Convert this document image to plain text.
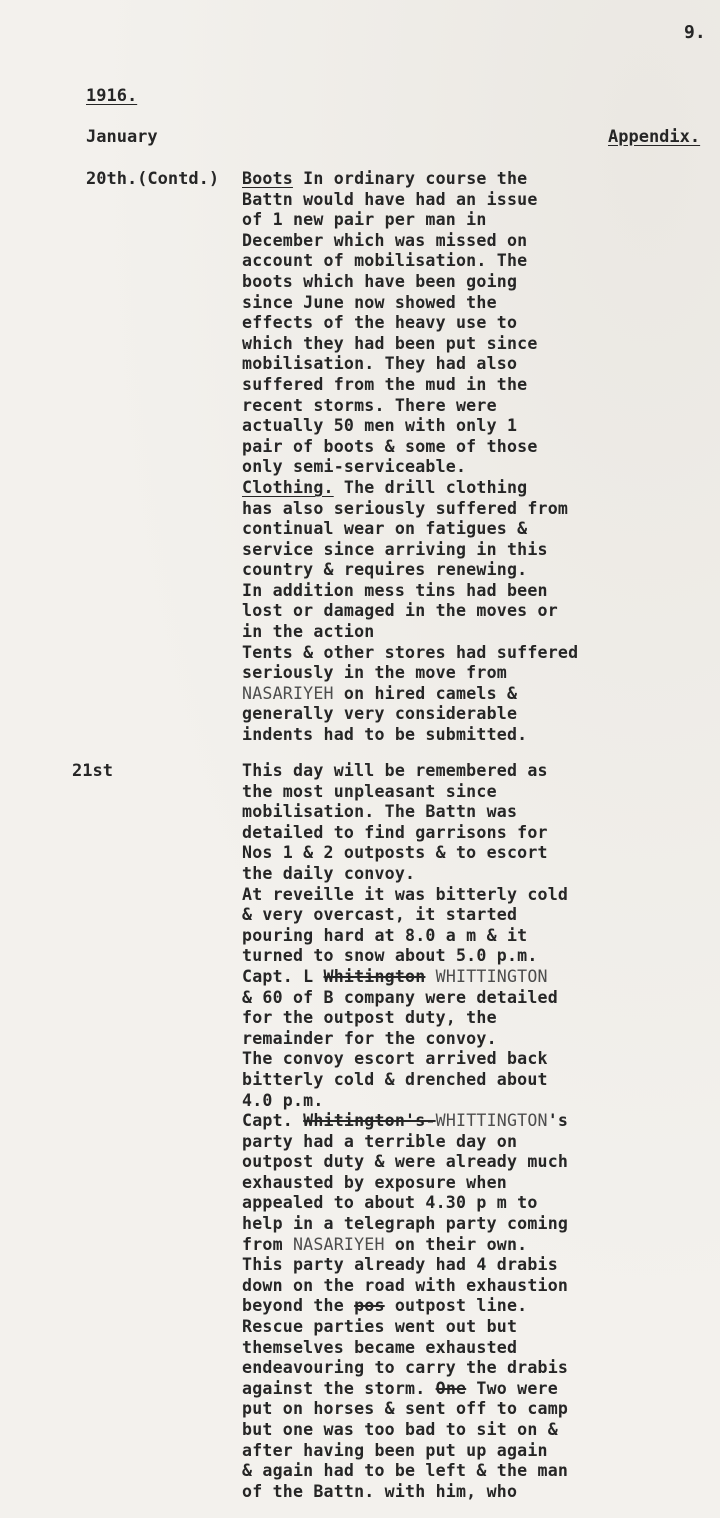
9.
1916.
January	Appendix.
20th.(Contd.) Boots In ordinary course the
Battn would have had an issue
of 1 new pair per man in
December which was missed on
account of mobilisation. The
boots which have been going
since June now showed the
effects of the heavy use to
which they had been put since
mobilisation. They had also
suffered from the mud in the
recent storms. There were
actually 50 men with only 1
pair of boots & some of those
only semi-serviceable.
Clothing. The drill clothing
has also seriously suffered from
continual wear on fatigues &
service since arriving in this
country & requires renewing.
In addition mess tins had been
lost or damaged in the moves or
in the action
Tents & other stores had suffered
seriously in the move from
NASARIYEH on hired camels &
generally very considerable
indents had to be submitted.
21st	This day will be remembered as
the most unpleasant since
mobilisation. The Battn was
detailed to find garrisons for
Nos 1 & 2 outposts & to escort
the daily convoy.
At reveille it was bitterly cold
& very overcast, it started
pouring hard at 8.0 a m & it
turned to snow about 5.0 p.m.
Capt. L Whitington WHITTINGTON
& 60 of B company were detailed
for the outpost duty, the
remainder for the convoy.
The convoy escort arrived back
bitterly cold & drenched about
4.0 p.m.
Capt. Whitington's-WHITTINGTON's
party had a terrible day on
outpost duty & were already much
exhausted by exposure when
appealed to about 4.30 p m to
help in a telegraph party coming
from NASARIYEH on their own.
This party already had 4 drabis
down on the road with exhaustion
beyond the pos outpost line.
Rescue parties went out but
themselves became exhausted
endeavouring to carry the drabis
against the storm. One Two were
put on horses & sent off to camp
but one was too bad to sit on &
after having been put up again
& again had to be left & the man
of the Battn. with him, who
